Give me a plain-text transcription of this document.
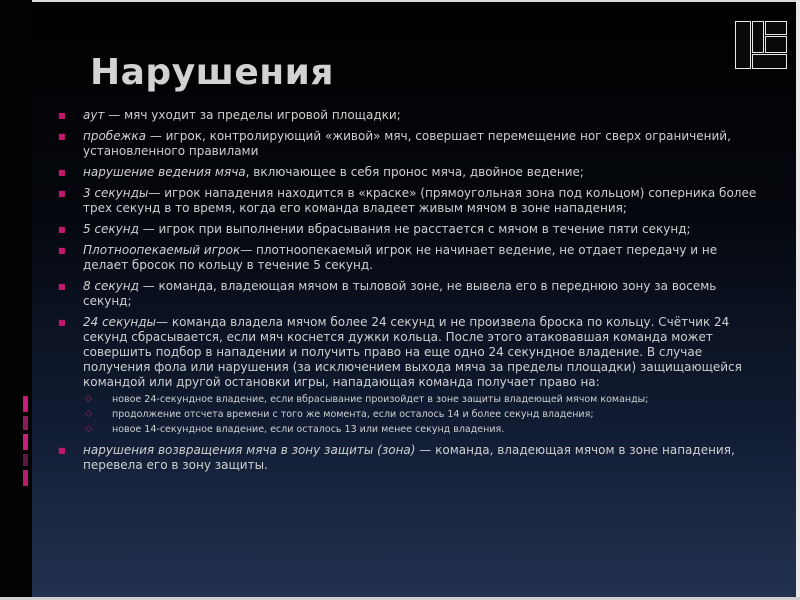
Нарушения
■ аут — мяч уходит за пределы игровой площадки;
■ пробежка — игрок, контролирующий «живой» мяч, совершает перемещение ног сверх ограничений, установленного правилами
■ нарушение ведения мяча, включающее в себя пронос мяча, двойное ведение;
■ 3 секунды— игрок нападения находится в «краске» (прямоугольная зона под кольцом) соперника более трех секунд в то время, когда его команда владеет живым мячом в зоне нападения;
■ 5 секунд — игрок при выполнении вбрасывания не расстается с мячом в течение пяти секунд;
■ Плотноопекаемый игрок— плотноопекаемый игрок не начинает ведение, не отдает передачу и не делает бросок по кольцу в течение 5 секунд.
■ 8 секунд — команда, владеющая мячом в тыловой зоне, не вывела его в переднюю зону за восемь секунд;
■ 24 секунды— команда владела мячом более 24 секунд и не произвела броска по кольцу. Счётчик 24 секунд сбрасывается, если мяч коснется дужки кольца. После этого атаковавшая команда может совершить подбор в нападении и получить право на еще одно 24 секундное владение. В случае получения фола или нарушения (за исключением выхода мяча за пределы площадки) защищающейся командой или другой остановки игры, нападающая команда получает право на:
◇ новое 24-секундное владение, если вбрасывание произойдет в зоне защиты владеющей мячом команды;
◇ продолжение отсчета времени с того же момента, если осталось 14 и более секунд владения;
◇ новое 14-секундное владение, если осталось 13 или менее секунд владения.
■ нарушения возвращения мяча в зону защиты (зона) — команда, владеющая мячом в зоне нападения, перевела его в зону защиты.
